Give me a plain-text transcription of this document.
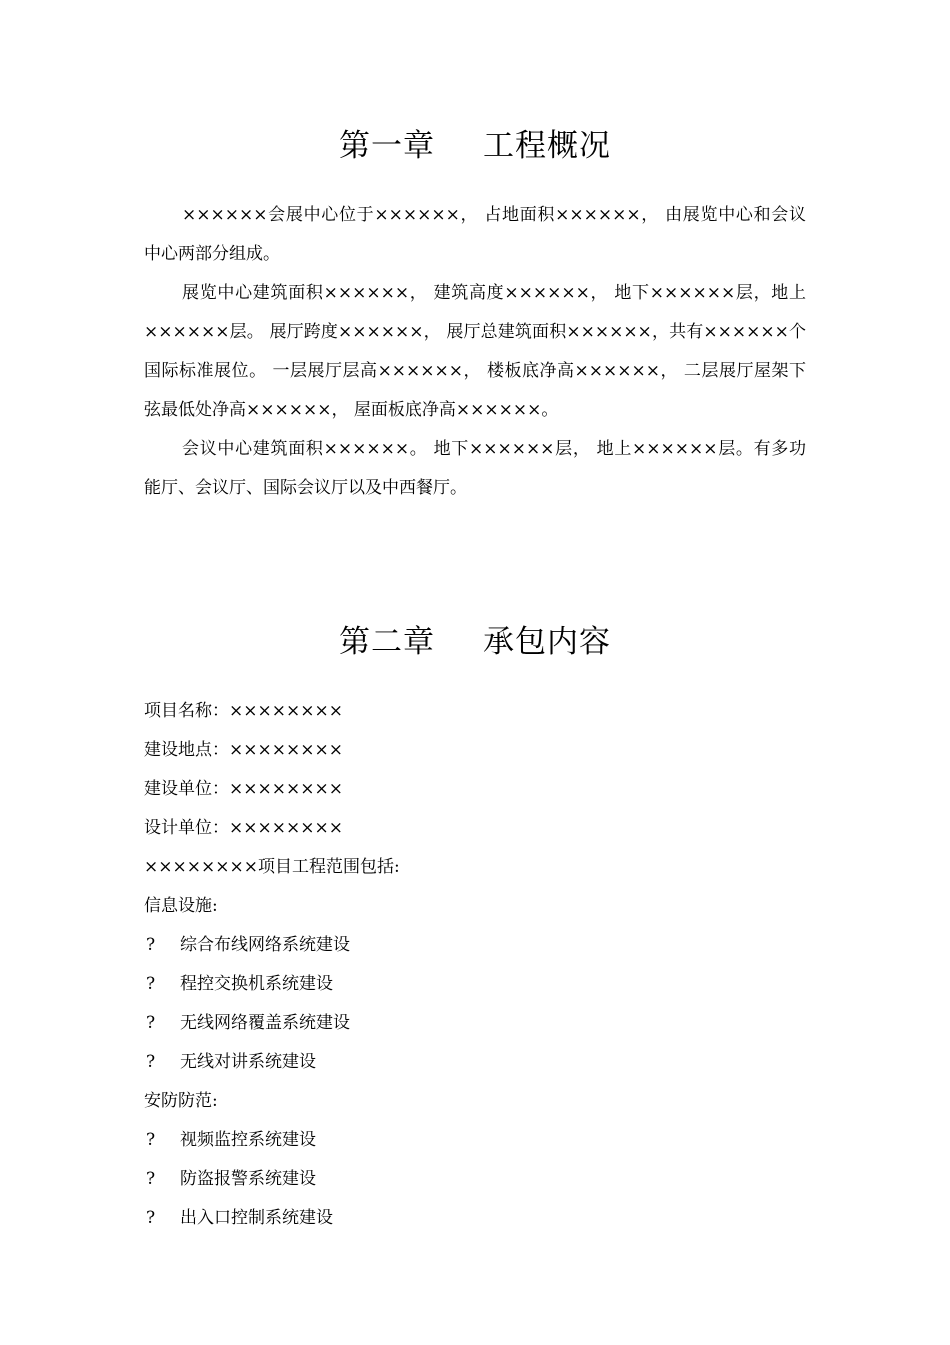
第一章 工程概况

××××××会展中心位于××××××， 占地面积××××××， 由展览中心和会议中心两部分组成。

展览中心建筑面积××××××， 建筑高度××××××， 地下××××××层，地上××××××层。 展厅跨度××××××， 展厅总建筑面积××××××，共有××××××个国际标准展位。 一层展厅层高××××××， 楼板底净高××××××， 二层展厅屋架下弦最低处净高××××××， 屋面板底净高××××××。

会议中心建筑面积××××××。 地下××××××层， 地上××××××层。有多功能厅、会议厅、国际会议厅以及中西餐厅。

第二章 承包内容
项目名称：××××××××
建设地点：××××××××
建设单位：××××××××
设计单位：××××××××
××××××××项目工程范围包括:
信息设施:
? 综合布线网络系统建设
? 程控交换机系统建设
? 无线网络覆盖系统建设
? 无线对讲系统建设
安防防范:
? 视频监控系统建设
? 防盗报警系统建设
? 出入口控制系统建设
